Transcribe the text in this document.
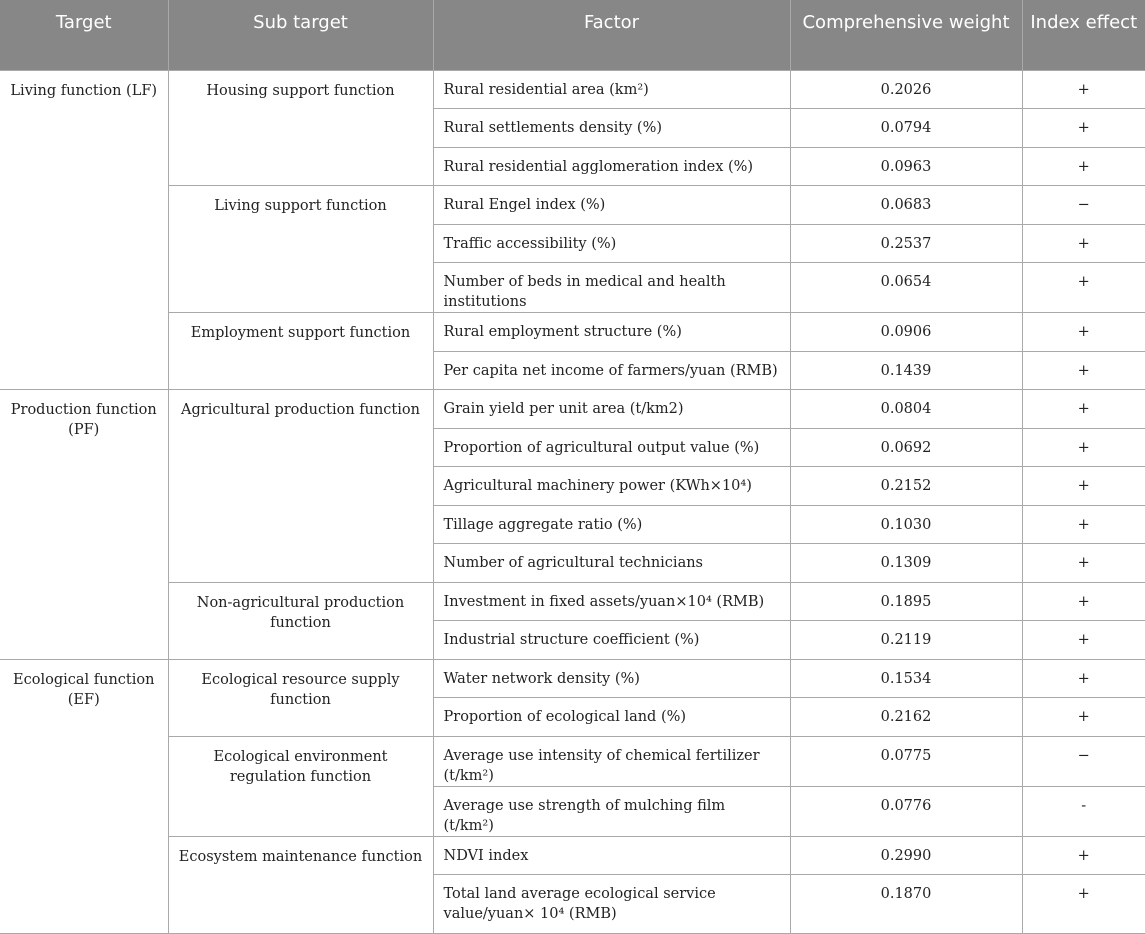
Target	Sub target	Factor	Comprehensive weight	Index effect
Living function (LF)	Housing support function	Rural residential area (km²)	0.2026	+
		Rural settlements density (%)	0.0794	+
		Rural residential agglomeration index (%)	0.0963	+
	Living support function	Rural Engel index (%)	0.0683	−
		Traffic accessibility (%)	0.2537	+
		Number of beds in medical and health institutions	0.0654	+
	Employment support function	Rural employment structure (%)	0.0906	+
		Per capita net income of farmers/yuan (RMB)	0.1439	+
Production function (PF)	Agricultural production function	Grain yield per unit area (t/km2)	0.0804	+
		Proportion of agricultural output value (%)	0.0692	+
		Agricultural machinery power (KWh×10⁴)	0.2152	+
		Tillage aggregate ratio (%)	0.1030	+
		Number of agricultural technicians	0.1309	+
	Non-agricultural production function	Investment in fixed assets/yuan×10⁴ (RMB)	0.1895	+
		Industrial structure coefficient (%)	0.2119	+
Ecological function (EF)	Ecological resource supply function	Water network density (%)	0.1534	+
		Proportion of ecological land (%)	0.2162	+
	Ecological environment regulation function	Average use intensity of chemical fertilizer (t/km²)	0.0775	−
		Average use strength of mulching film (t/km²)	0.0776	-
	Ecosystem maintenance function	NDVI index	0.2990	+
		Total land average ecological service value/yuan× 10⁴ (RMB)	0.1870	+
